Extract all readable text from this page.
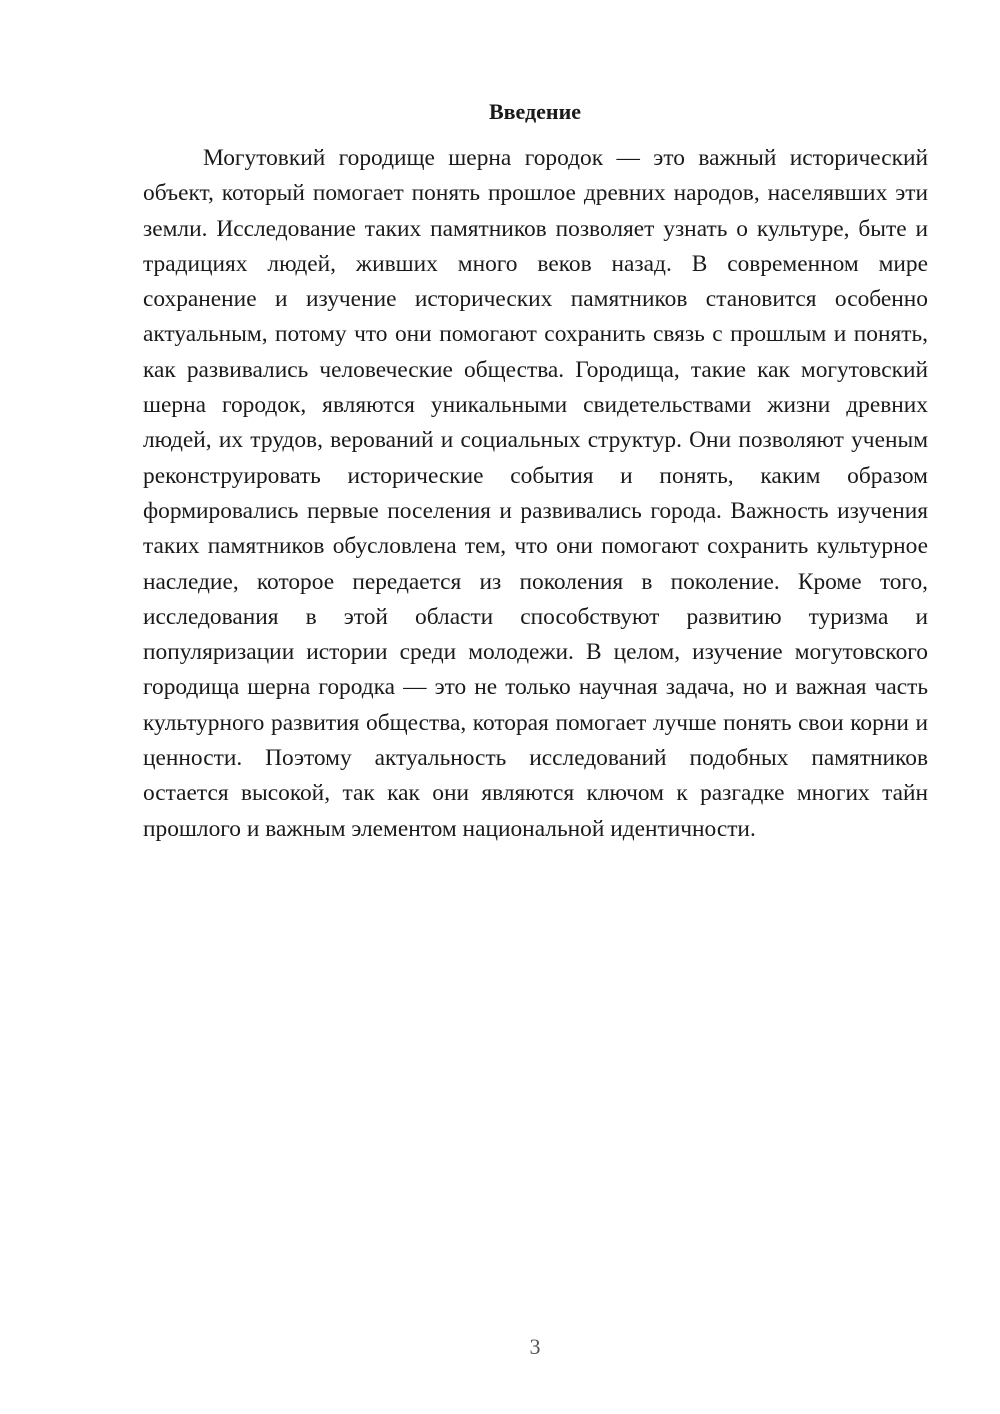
Введение

Могутовкий городище шерна городок — это важный исторический объект, который помогает понять прошлое древних народов, населявших эти земли. Исследование таких памятников позволяет узнать о культуре, быте и традициях людей, живших много веков назад. В современном мире сохранение и изучение исторических памятников становится особенно актуальным, потому что они помогают сохранить связь с прошлым и понять, как развивались человеческие общества. Городища, такие как могутовский шерна городок, являются уникальными свидетельствами жизни древних людей, их трудов, верований и социальных структур. Они позволяют ученым реконструировать исторические события и понять, каким образом формировались первые поселения и развивались города. Важность изучения таких памятников обусловлена тем, что они помогают сохранить культурное наследие, которое передается из поколения в поколение. Кроме того, исследования в этой области способствуют развитию туризма и популяризации истории среди молодежи. В целом, изучение могутовского городища шерна городка — это не только научная задача, но и важная часть культурного развития общества, которая помогает лучше понять свои корни и ценности. Поэтому актуальность исследований подобных памятников остается высокой, так как они являются ключом к разгадке многих тайн прошлого и важным элементом национальной идентичности.

3
